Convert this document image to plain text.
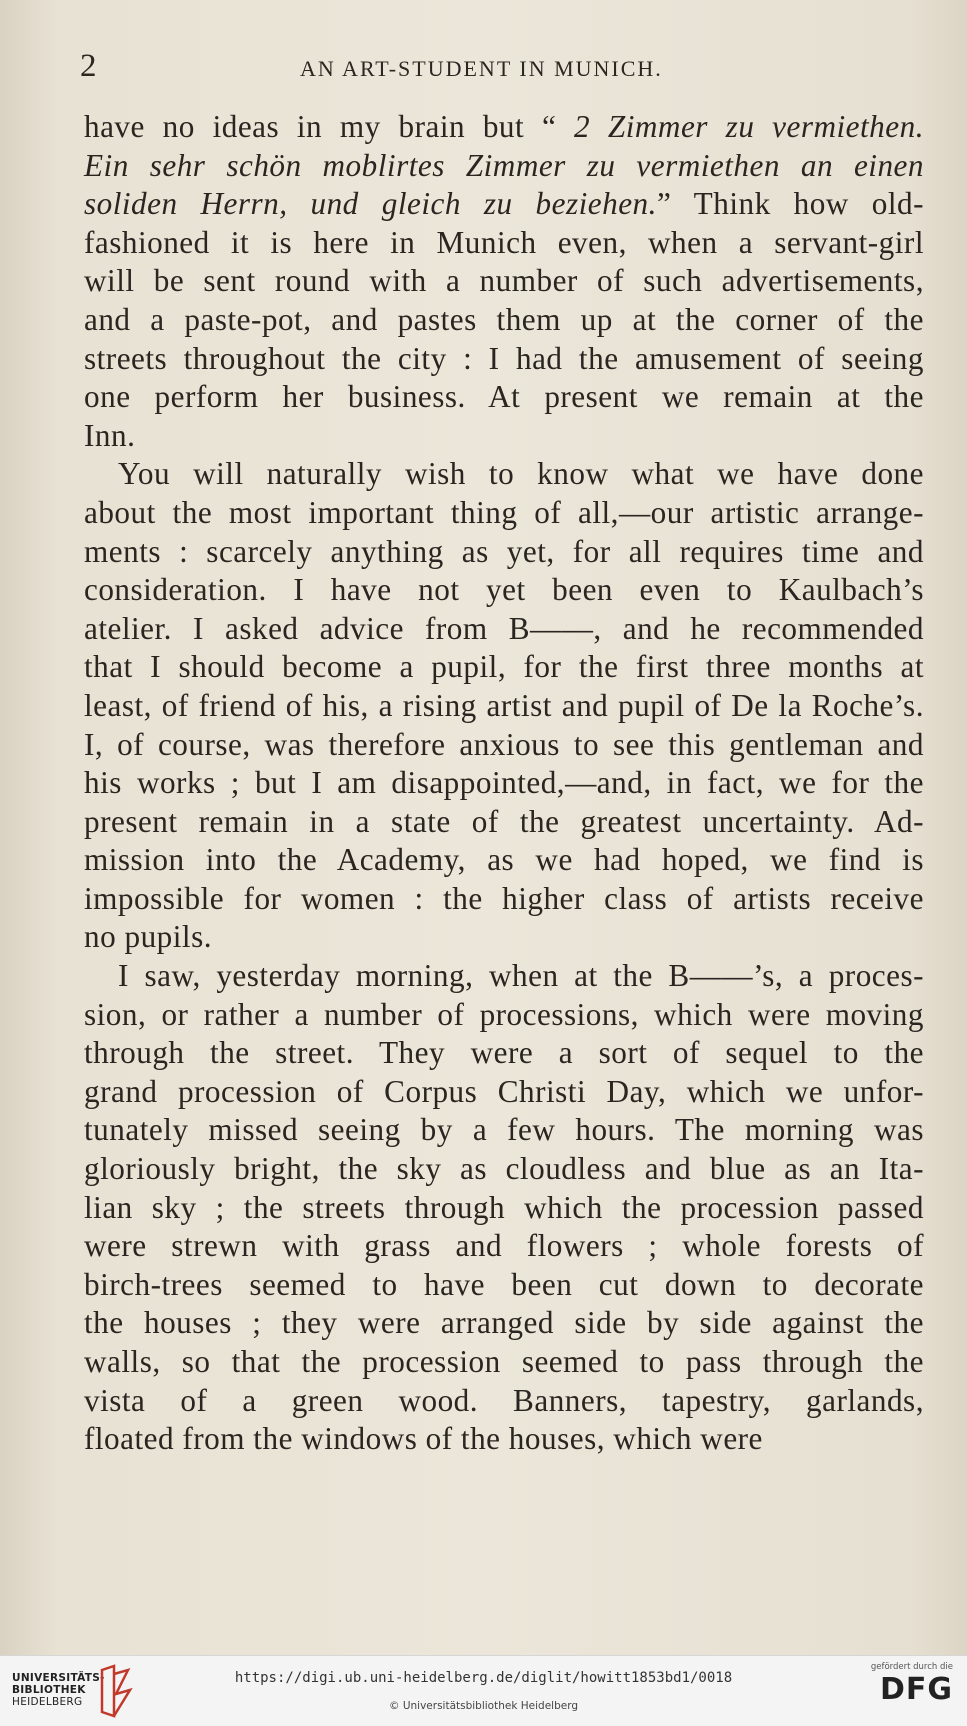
2	AN ART-STUDENT IN MUNICH.

have no ideas in my brain but “ 2 Zimmer zu vermiethen.
Ein sehr schön moblirtes Zimmer zu vermiethen an einen
soliden Herrn, und gleich zu beziehen.” Think how old-
fashioned it is here in Munich even, when a servant-girl
will be sent round with a number of such advertisements,
and a paste-pot, and pastes them up at the corner of the
streets throughout the city : I had the amusement of seeing
one perform her business. At present we remain at the
Inn.

You will naturally wish to know what we have done
about the most important thing of all,—our artistic arrange-
ments : scarcely anything as yet, for all requires time and
consideration. I have not yet been even to Kaulbach’s
atelier. I asked advice from B——, and he recommended
that I should become a pupil, for the first three months at
least, of friend of his, a rising artist and pupil of De la Roche’s.
I, of course, was therefore anxious to see this gentleman and
his works ; but I am disappointed,—and, in fact, we for the
present remain in a state of the greatest uncertainty. Ad-
mission into the Academy, as we had hoped, we find is
impossible for women : the higher class of artists receive
no pupils.

I saw, yesterday morning, when at the B——’s, a proces-
sion, or rather a number of processions, which were moving
through the street. They were a sort of sequel to the
grand procession of Corpus Christi Day, which we unfor-
tunately missed seeing by a few hours. The morning was
gloriously bright, the sky as cloudless and blue as an Ita-
lian sky ; the streets through which the procession passed
were strewn with grass and flowers ; whole forests of
birch-trees seemed to have been cut down to decorate
the houses ; they were arranged side by side against the
walls, so that the procession seemed to pass through the
vista of a green wood. Banners, tapestry, garlands,
floated from the windows of the houses, which were

UNIVERSITÄTS-
BIBLIOTHEK
HEIDELBERG
https://digi.ub.uni-heidelberg.de/diglit/howitt1853bd1/0018
© Universitätsbibliothek Heidelberg
gefördert durch die
DFG
